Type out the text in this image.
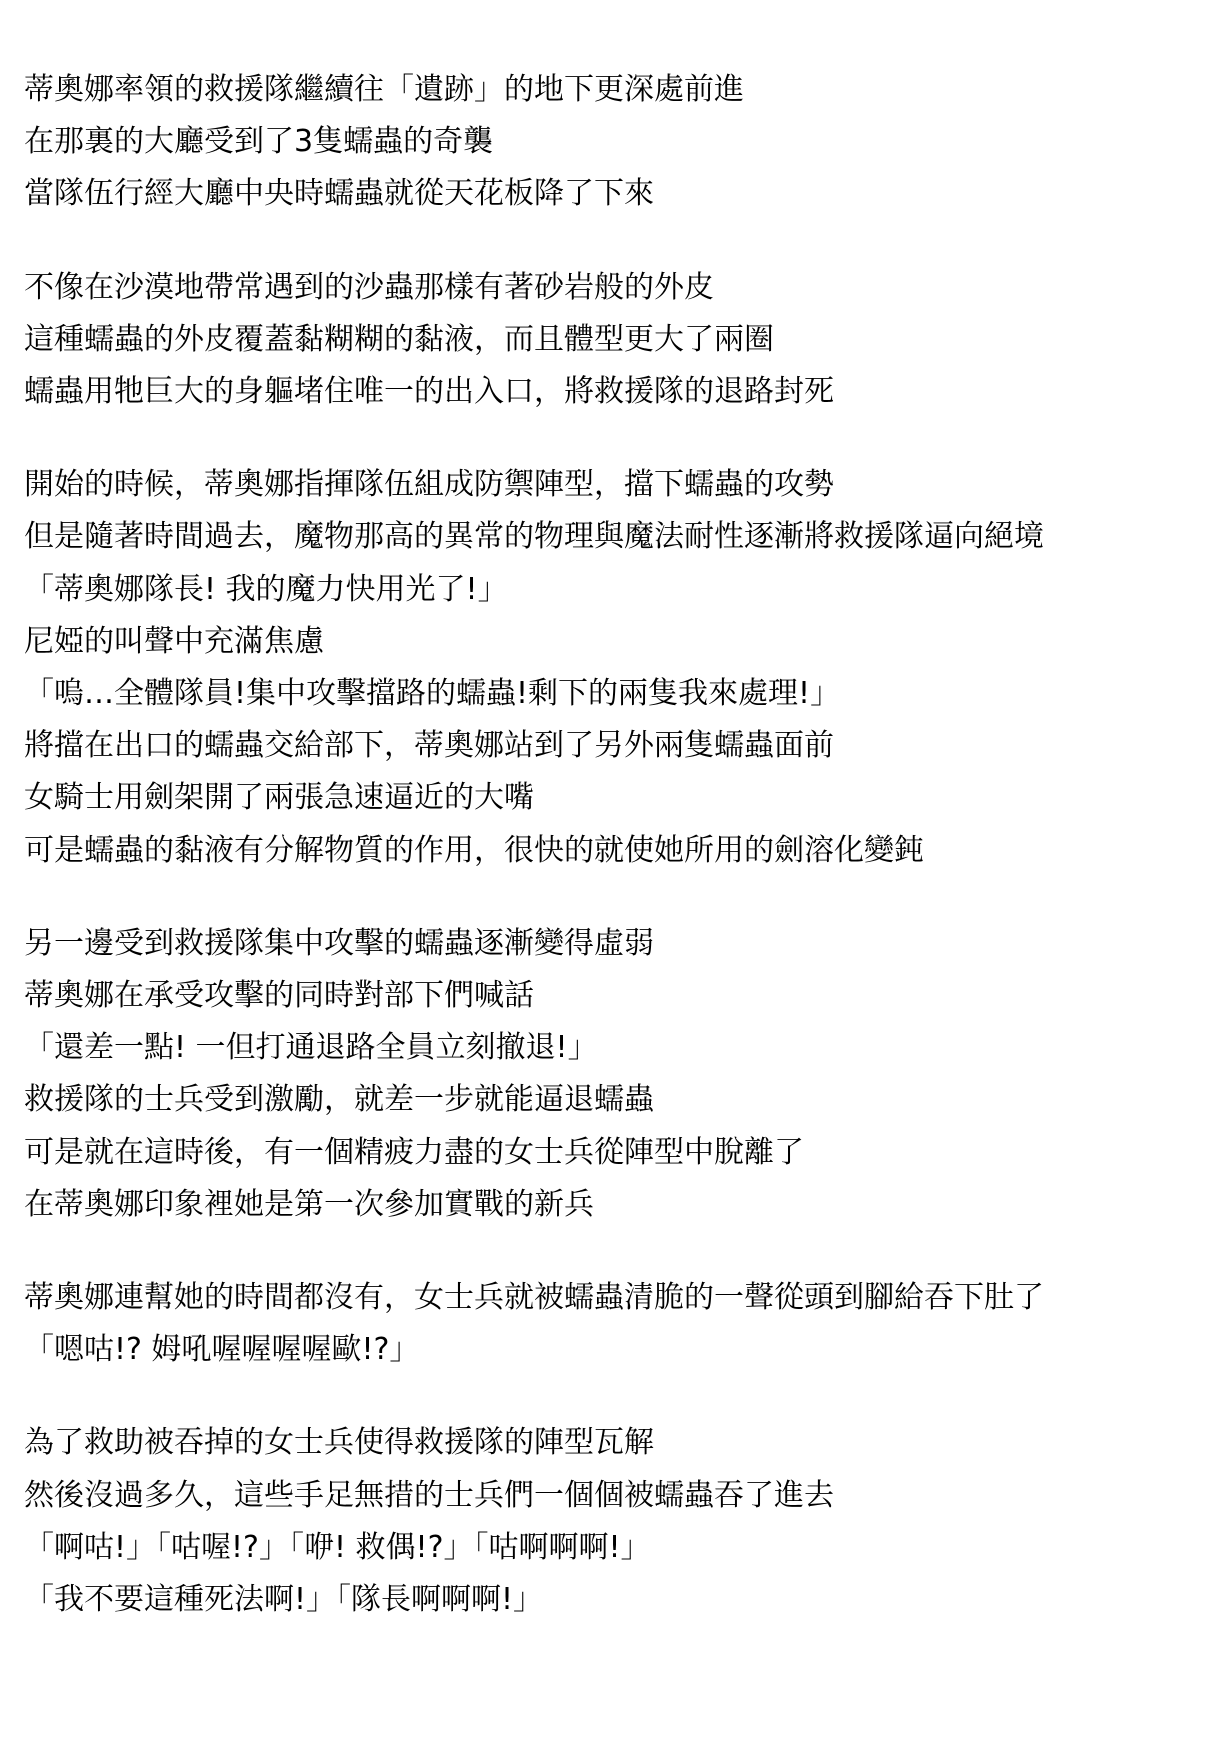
蒂奧娜率領的救援隊繼續往「遺跡」的地下更深處前進
在那裏的大廳受到了3隻蠕蟲的奇襲
當隊伍行經大廳中央時蠕蟲就從天花板降了下來
不像在沙漠地帶常遇到的沙蟲那樣有著砂岩般的外皮
這種蠕蟲的外皮覆蓋黏糊糊的黏液，而且體型更大了兩圈
蠕蟲用牠巨大的身軀堵住唯一的出入口，將救援隊的退路封死
開始的時候，蒂奧娜指揮隊伍組成防禦陣型，擋下蠕蟲的攻勢
但是隨著時間過去，魔物那高的異常的物理與魔法耐性逐漸將救援隊逼向絕境
「蒂奧娜隊長! 我的魔力快用光了!」
尼婭的叫聲中充滿焦慮
「嗚…全體隊員!集中攻擊擋路的蠕蟲!剩下的兩隻我來處理!」
將擋在出口的蠕蟲交給部下，蒂奧娜站到了另外兩隻蠕蟲面前
女騎士用劍架開了兩張急速逼近的大嘴
可是蠕蟲的黏液有分解物質的作用，很快的就使她所用的劍溶化變鈍
另一邊受到救援隊集中攻擊的蠕蟲逐漸變得虛弱
蒂奧娜在承受攻擊的同時對部下們喊話
「還差一點! 一但打通退路全員立刻撤退!」
救援隊的士兵受到激勵，就差一步就能逼退蠕蟲
可是就在這時後，有一個精疲力盡的女士兵從陣型中脫離了
在蒂奧娜印象裡她是第一次參加實戰的新兵
蒂奧娜連幫她的時間都沒有，女士兵就被蠕蟲清脆的一聲從頭到腳給吞下肚了
「嗯咕!? 姆吼喔喔喔喔歐!?」
為了救助被吞掉的女士兵使得救援隊的陣型瓦解
然後沒過多久，這些手足無措的士兵們一個個被蠕蟲吞了進去
「啊咕!」「咕喔!?」「咿! 救偶!?」「咕啊啊啊!」
「我不要這種死法啊!」「隊長啊啊啊!」
